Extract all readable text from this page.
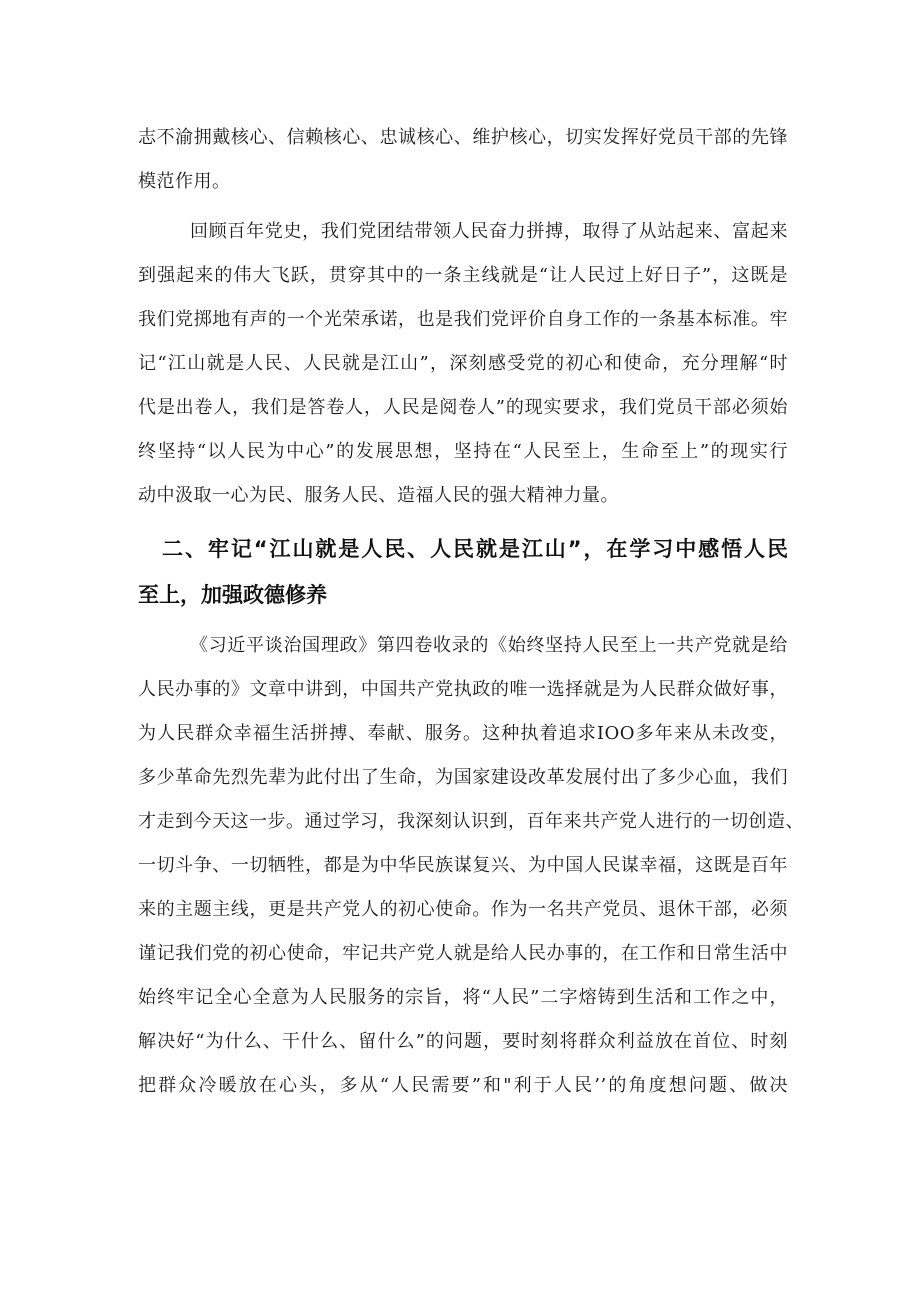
志不渝拥戴核心、信赖核心、忠诚核心、维护核心，切实发挥好党员干部的先锋
模范作用。
回顾百年党史，我们党团结带领人民奋力拼搏，取得了从站起来、富起来
到强起来的伟大飞跃，贯穿其中的一条主线就是“让人民过上好日子”，这既是
我们党掷地有声的一个光荣承诺，也是我们党评价自身工作的一条基本标准。牢
记“江山就是人民、人民就是江山”，深刻感受党的初心和使命，充分理解“时
代是出卷人，我们是答卷人，人民是阅卷人”的现实要求，我们党员干部必须始
终坚持“以人民为中心”的发展思想，坚持在“人民至上，生命至上”的现实行
动中汲取一心为民、服务人民、造福人民的强大精神力量。
二、牢记“江山就是人民、人民就是江山”，在学习中感悟人民
至上，加强政德修养
《习近平谈治国理政》第四卷收录的《始终坚持人民至上一共产党就是给
人民办事的》文章中讲到，中国共产党执政的唯一选择就是为人民群众做好事，
为人民群众幸福生活拼搏、奉献、服务。这种执着追求IOO多年来从未改变，
多少革命先烈先辈为此付出了生命，为国家建设改革发展付出了多少心血，我们
才走到今天这一步。通过学习，我深刻认识到，百年来共产党人进行的一切创造、
一切斗争、一切牺牲，都是为中华民族谋复兴、为中国人民谋幸福，这既是百年
来的主题主线，更是共产党人的初心使命。作为一名共产党员、退休干部，必须
谨记我们党的初心使命，牢记共产党人就是给人民办事的，在工作和日常生活中
始终牢记全心全意为人民服务的宗旨，将“人民”二字熔铸到生活和工作之中，
解决好“为什么、干什么、留什么”的问题，要时刻将群众利益放在首位、时刻
把群众冷暖放在心头，多从“人民需要”和"利于人民’’的角度想问题、做决
